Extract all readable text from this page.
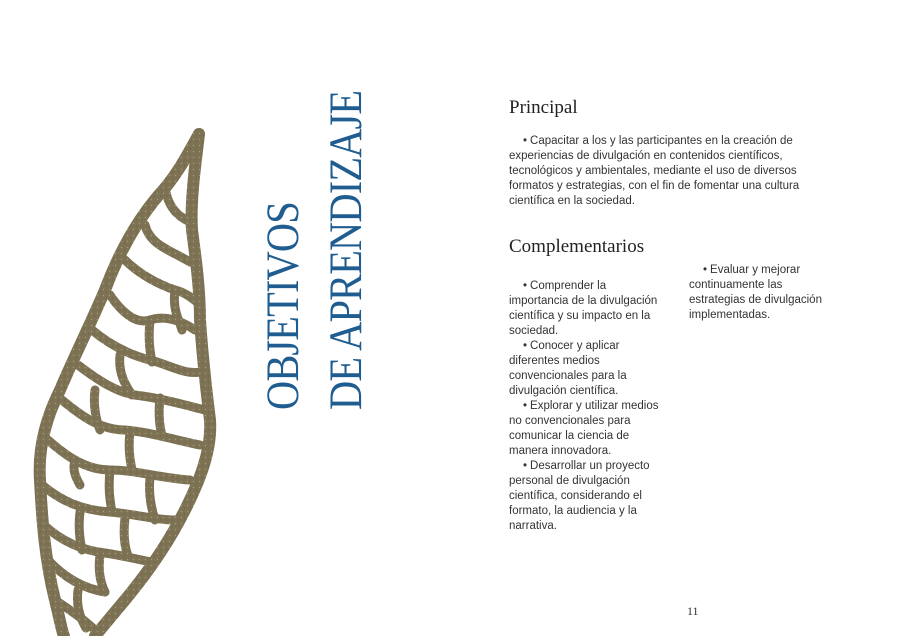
OBJETIVOS DE APRENDIZAJE	Principal

• Capacitar a los y las participantes en la creación de experiencias de divulgación en contenidos científicos, tecnológicos y ambientales, mediante el uso de diversos formatos y estrategias, con el fin de fomentar una cultura científica en la sociedad.

Complementarios
• Comprender la importancia de la divulgación científica y su impacto en la sociedad.
• Conocer y aplicar diferentes medios convencionales para la divulgación científica.
• Explorar y utilizar medios no convencionales para comunicar la ciencia de manera innovadora.
• Desarrollar un proyecto personal de divulgación científica, considerando el formato, la audiencia y la narrativa.
• Evaluar y mejorar continuamente las estrategias de divulgación implementadas.
11
